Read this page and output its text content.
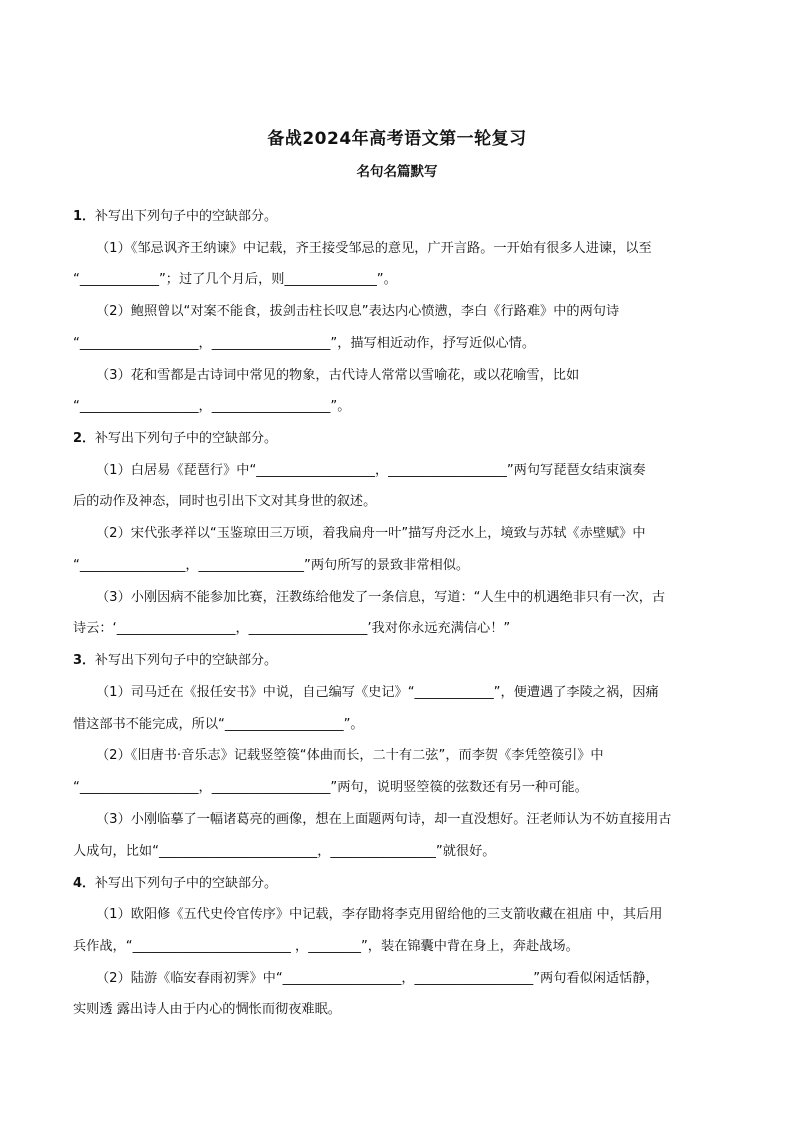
备战2024年高考语文第一轮复习
名句名篇默写
1．补写出下列句子中的空缺部分。
（1）《邹忌讽齐王纳谏》中记载，齐王接受邹忌的意见，广开言路。一开始有很多人进谏，以至
“____________”；过了几个月后，则______________”。
（2）鲍照曾以“对案不能食，拔剑击柱长叹息”表达内心愤懑，李白《行路难》中的两句诗
“__________________，__________________”，描写相近动作，抒写近似心情。
（3）花和雪都是古诗词中常见的物象，古代诗人常常以雪喻花，或以花喻雪，比如
“__________________，__________________”。
2．补写出下列句子中的空缺部分。
（1）白居易《琵琶行》中“__________________，__________________”两句写琵琶女结束演奏
后的动作及神态，同时也引出下文对其身世的叙述。
（2）宋代张孝祥以“玉鉴琼田三万顷，着我扁舟一叶”描写舟泛水上，境致与苏轼《赤壁赋》中
“________________，________________”两句所写的景致非常相似。
（3）小刚因病不能参加比赛，汪教练给他发了一条信息，写道：“人生中的机遇绝非只有一次，古
诗云：‘__________________，__________________’我对你永远充满信心！”
3．补写出下列句子中的空缺部分。
（1）司马迁在《报任安书》中说，自己编写《史记》“____________”，便遭遇了李陵之祸，因痛
惜这部书不能完成，所以“__________________”。
（2）《旧唐书·音乐志》记载竖箜篌“体曲而长，二十有二弦”，而李贺《李凭箜篌引》中
“__________________，__________________”两句，说明竖箜篌的弦数还有另一种可能。
（3）小刚临摹了一幅诸葛亮的画像，想在上面题两句诗，却一直没想好。汪老师认为不妨直接用古
人成句，比如“________________________，________________”就很好。
4．补写出下列句子中的空缺部分。
（1）欧阳修《五代史伶官传序》中记载，李存勖将李克用留给他的三支箭收藏在祖庙 中，其后用
兵作战，“________________________ ，________”，装在锦囊中背在身上，奔赴战场。
（2）陆游《临安春雨初霁》中“__________________，__________________”两句看似闲适恬静，
实则透 露出诗人由于内心的惆怅而彻夜难眠。
